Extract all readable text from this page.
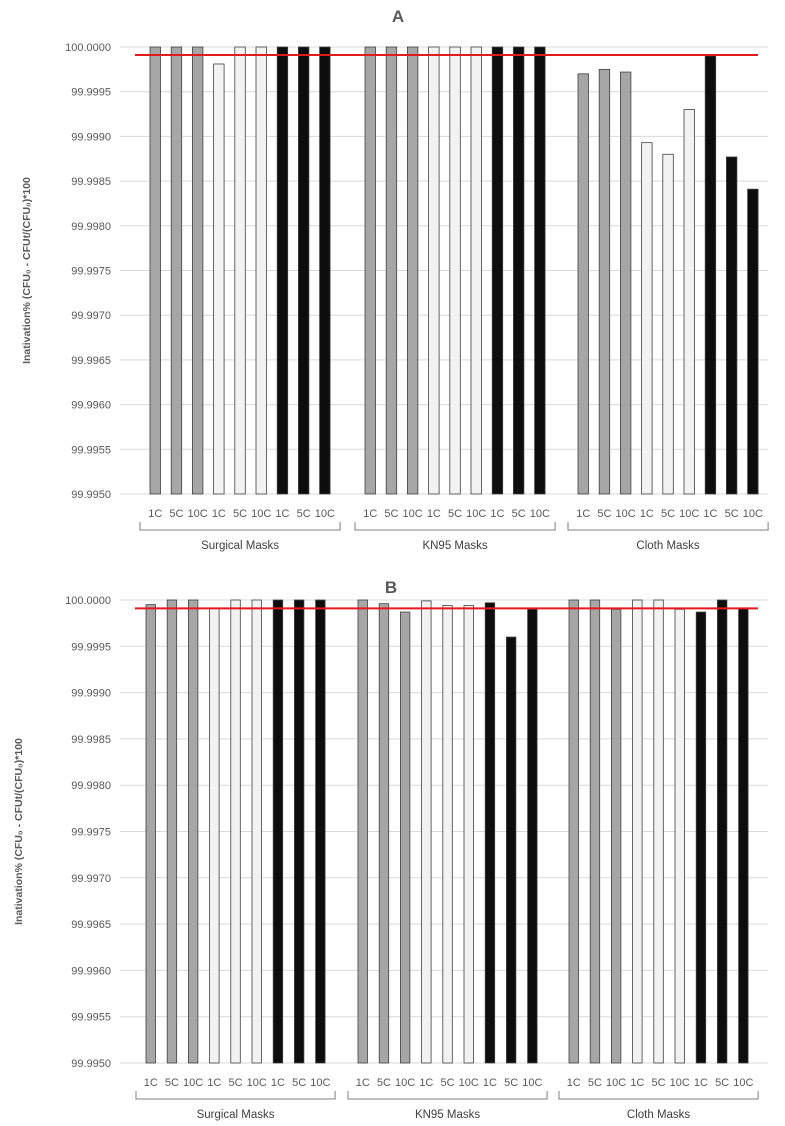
A
99.9950
99.9955
99.9960
99.9965
99.9970
99.9975
99.9980
99.9985
99.9990
99.9995
100.0000
Inativation% (CFU₀ - CFUt/(CFU₀)*100
1C 5C 10C 1C 5C 10C 1C 5C 10C
Surgical Masks
1C 5C 10C 1C 5C 10C 1C 5C 10C
KN95 Masks
1C 5C 10C 1C 5C 10C 1C 5C 10C
Cloth Masks
B
99.9950
99.9955
99.9960
99.9965
99.9970
99.9975
99.9980
99.9985
99.9990
99.9995
100.0000
Inativation% (CFU₀ - CFUt/(CFU₀)*100
1C 5C 10C 1C 5C 10C 1C 5C 10C
Surgical Masks
1C 5C 10C 1C 5C 10C 1C 5C 10C
KN95 Masks
1C 5C 10C 1C 5C 10C 1C 5C 10C
Cloth Masks
